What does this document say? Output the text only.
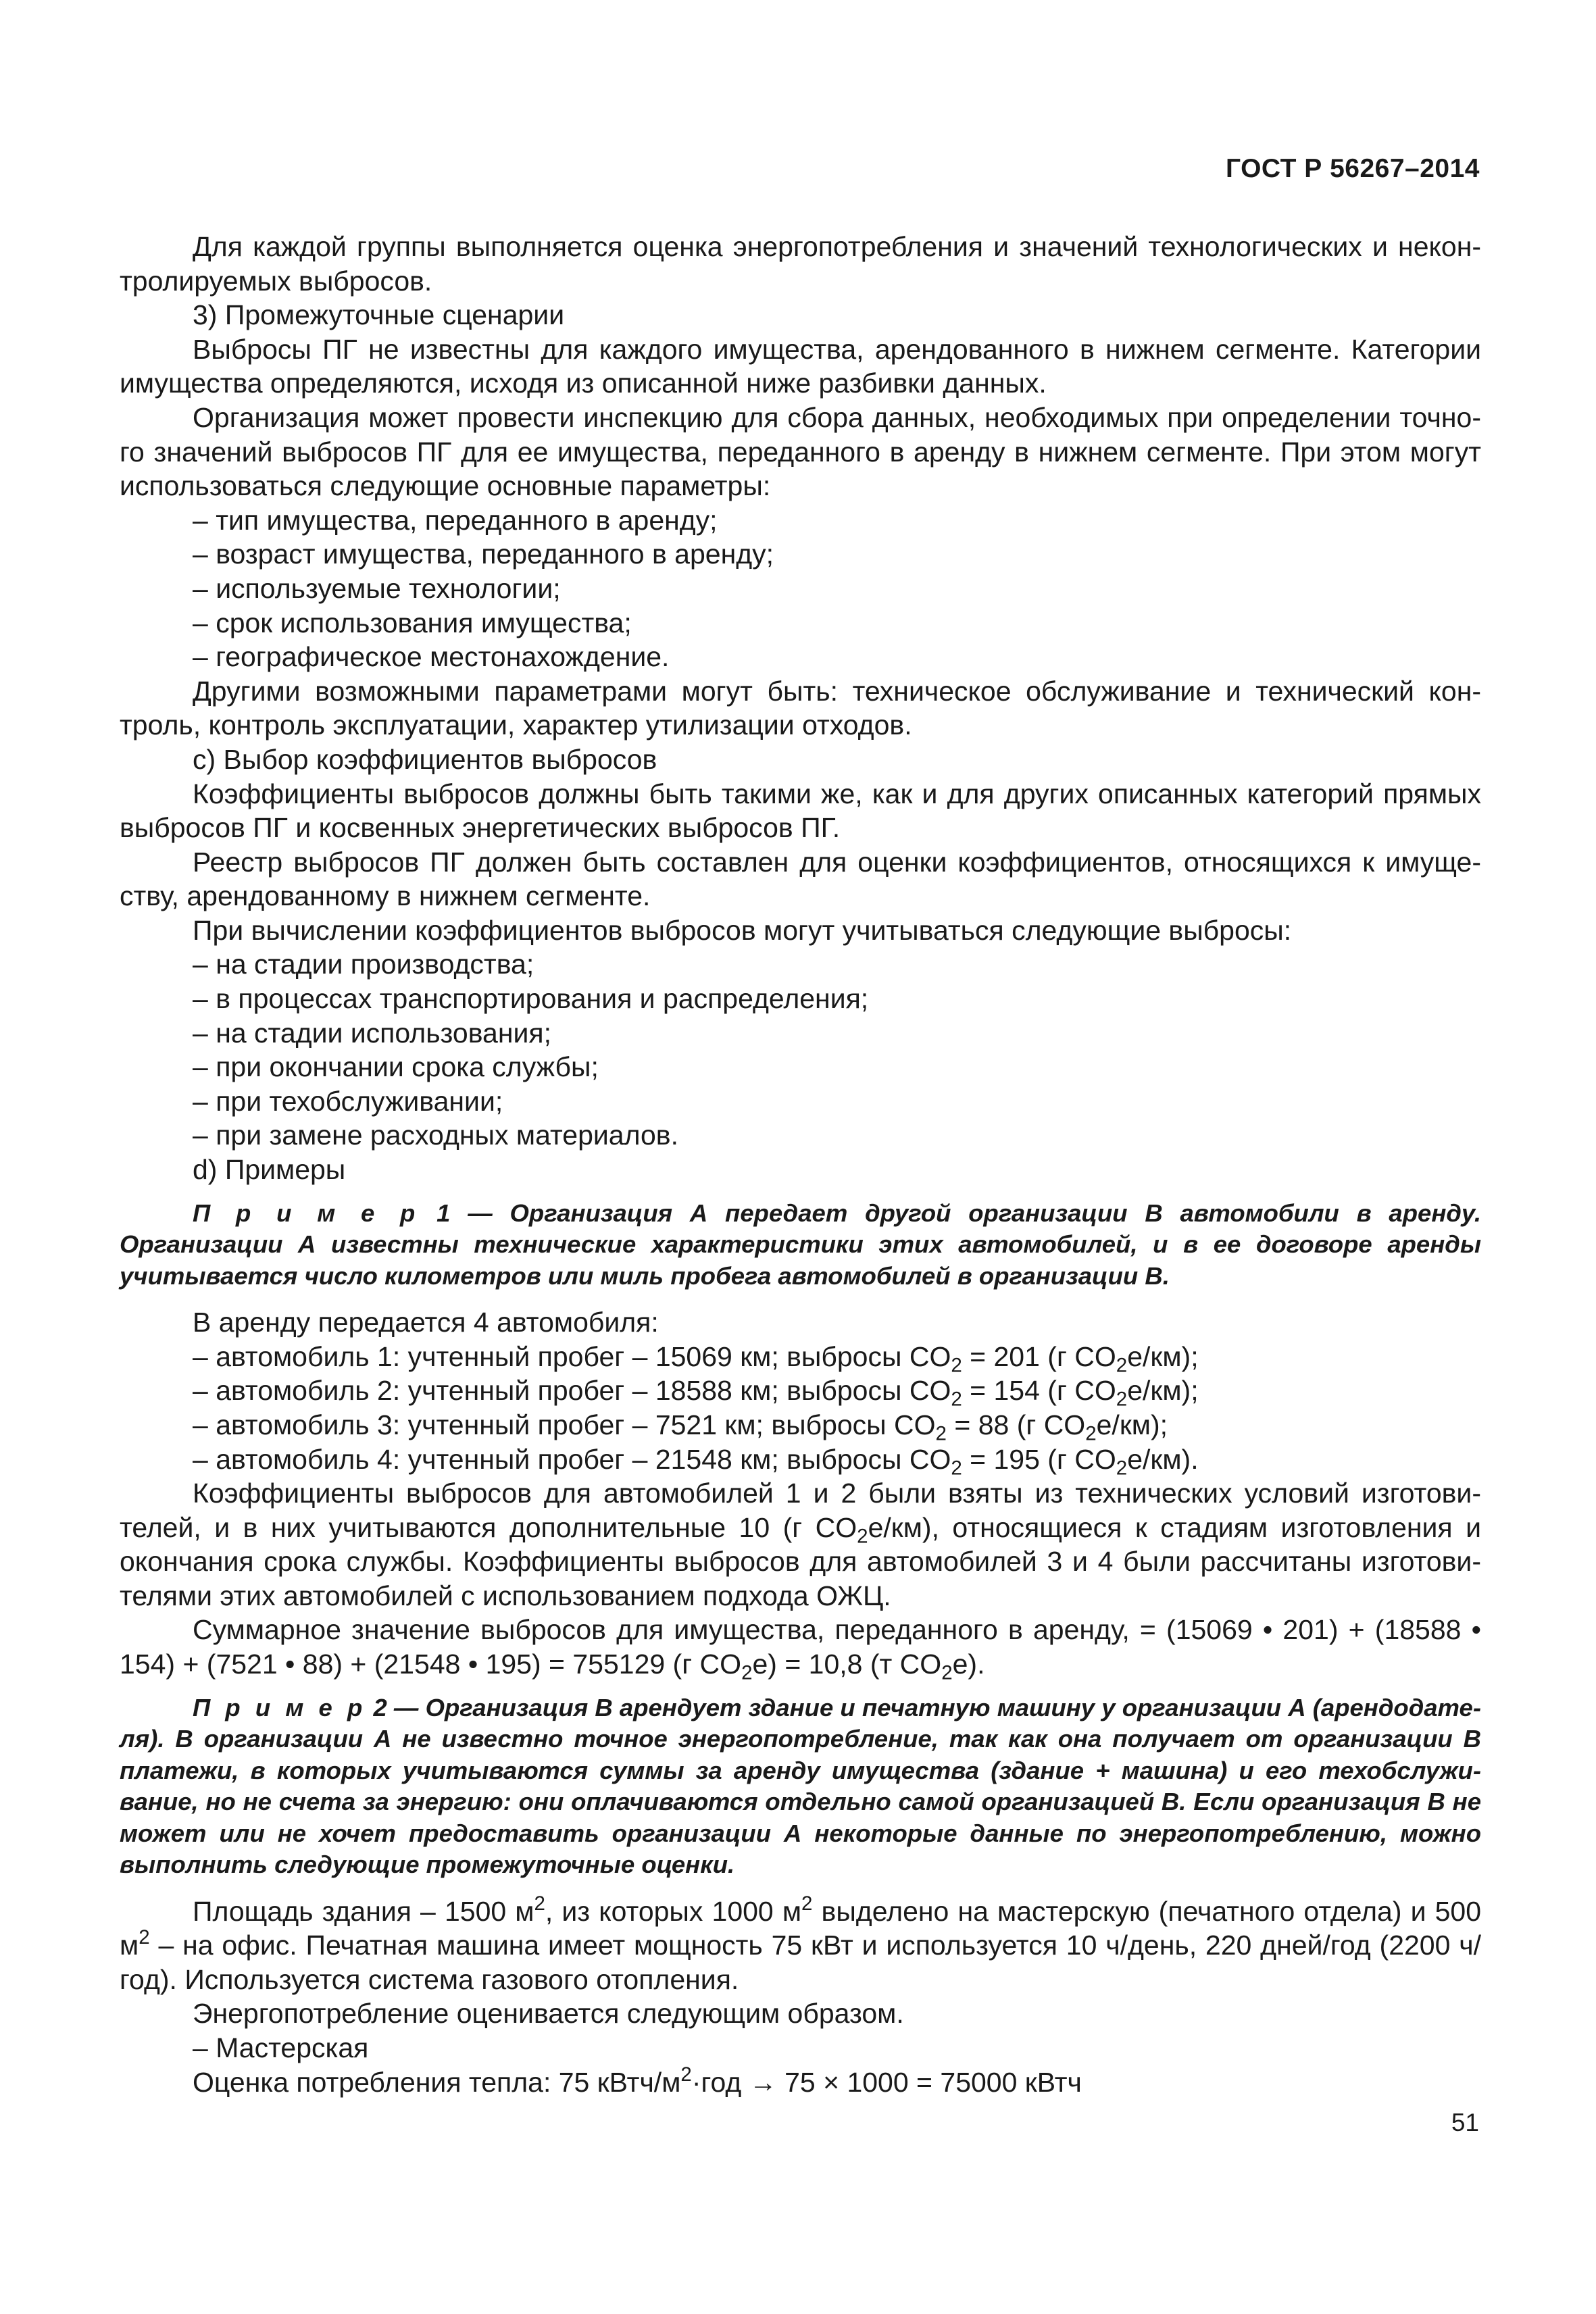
ГОСТ Р 56267–2014

Для каждой группы выполняется оценка энергопотребления и значений технологических и неконтролируемых выбросов.

3) Промежуточные сценарии

Выбросы ПГ не известны для каждого имущества, арендованного в нижнем сегменте. Категории имущества определяются, исходя из описанной ниже разбивки данных.

Организация может провести инспекцию для сбора данных, необходимых при определении точного значений выбросов ПГ для ее имущества, переданного в аренду в нижнем сегменте. При этом могут использоваться следующие основные параметры:

– тип имущества, переданного в аренду;

– возраст имущества, переданного в аренду;

– используемые технологии;

– срок использования имущества;

– географическое местонахождение.

Другими возможными параметрами могут быть: техническое обслуживание и технический контроль, контроль эксплуатации, характер утилизации отходов.

c) Выбор коэффициентов выбросов

Коэффициенты выбросов должны быть такими же, как и для других описанных категорий прямых выбросов ПГ и косвенных энергетических выбросов ПГ.

Реестр выбросов ПГ должен быть составлен для оценки коэффициентов, относящихся к имуществу, арендованному в нижнем сегменте.

При вычислении коэффициентов выбросов могут учитываться следующие выбросы:

– на стадии производства;

– в процессах транспортирования и распределения;

– на стадии использования;

– при окончании срока службы;

– при техобслуживании;

– при замене расходных материалов.

d) Примеры

П р и м е р 1 — Организация А передает другой организации В автомобили в аренду. Организации А известны технические характеристики этих автомобилей, и в ее договоре аренды учитывается число километров или миль пробега автомобилей в организации В.

В аренду передается 4 автомобиля:

– автомобиль 1: учтенный пробег – 15069 км; выбросы $CO_2 = 201$ (г $CO_2е/км$);

– автомобиль 2: учтенный пробег – 18588 км; выбросы $CO_2 = 154$ (г $CO_2е/км$);

– автомобиль 3: учтенный пробег – 7521 км; выбросы $CO_2 = 88$ (г $CO_2е/км$);

– автомобиль 4: учтенный пробег – 21548 км; выбросы $CO_2 = 195$ (г $CO_2е/км$).

Коэффициенты выбросов для автомобилей 1 и 2 были взяты из технических условий изготовителей, и в них учитываются дополнительные 10 (г $CO_2е/км$), относящиеся к стадиям изготовления и окончания срока службы. Коэффициенты выбросов для автомобилей 3 и 4 были рассчитаны изготовителями этих автомобилей с использованием подхода ОЖЦ.

Суммарное значение выбросов для имущества, переданного в аренду, = (15069 • 201) + (18588 • 154) + (7521 • 88) + (21548 • 195) = 755129 (г $CO_2е) = 10,8$ (т $CO_2е$).

П р и м е р 2 — Организация В арендует здание и печатную машину у организации А (арендодателя). В организации А не известно точное энергопотребление, так как она получает от организации В платежи, в которых учитываются суммы за аренду имущества (здание + машина) и его техобслуживание, но не счета за энергию: они оплачиваются отдельно самой организацией В. Если организация В не может или не хочет предоставить организации А некоторые данные по энергопотреблению, можно выполнить следующие промежуточные оценки.

Площадь здания – 1500 $м^2$, из которых 1000 $м^2$ выделено на мастерскую (печатного отдела) и 500 $м^2$ – на офис. Печатная машина имеет мощность 75 кВт и используется 10 ч/день, 220 дней/год (2200 ч/год). Используется система газового отопления.

Энергопотребление оценивается следующим образом.

– Мастерская

Оценка потребления тепла: 75 кВтч/$м^2\cdot год \to 75 \times 1000 = 75000$ кВтч

51
